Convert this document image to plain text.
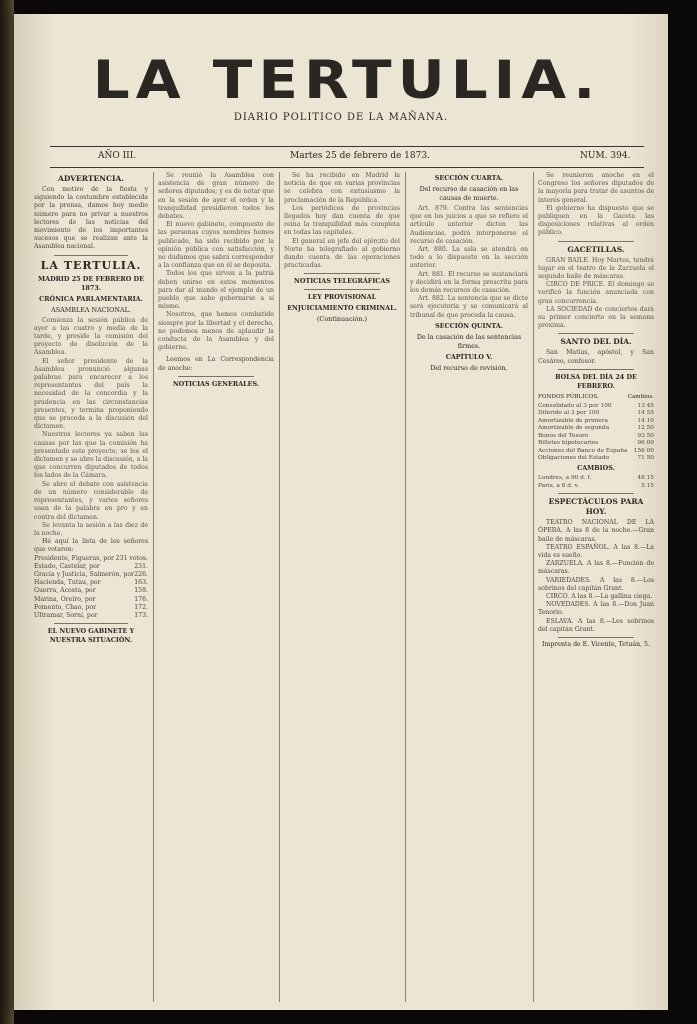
LA TERTULIA.
DIARIO POLITICO DE LA MAÑANA.
AÑO III.	Martes 25 de febrero de 1873.	NUM. 394.

ADVERTENCIA.

Con motivo de la fiesta y siguiendo la costumbre establecida por la prensa, damos hoy medio número para no privar a nuestros lectores de las noticias del movimiento de los importantes sucesos que se realizan ante la Asamblea nacional.

LA TERTULIA.

MADRID 25 DE FEBRERO DE 1873.

CRÓNICA PARLAMENTARIA.

ASAMBLEA NACIONAL.

Comienza la sesión pública de ayer a las cuatro y media de la tarde, y preside la comisión del proyecto de disolución de la Asamblea.

El señor presidente de la Asamblea pronunció algunas palabras para encarecer a los representantes del país la necesidad de la concordia y la prudencia en las circunstancias presentes, y termina proponiendo que se proceda a la discusión del dictamen.

Nuestros lectores ya saben las causas por las que la comisión ha presentado este proyecto; se lee el dictamen y se abre la discusión, a la que concurren diputados de todos los lados de la Cámara.

Se abre el debate con asistencia de un número considerable de representantes, y varios señores usan de la palabra en pro y en contra del dictamen.

Se levanta la sesión a las diez de la noche.

Hé aquí la lista de los señores que votaron:

Presidente, Figueras, por 231 votos.
Estado, Castelar, por	231.
Gracia y Justicia, Salmerón, por 226.
Hacienda, Tutau, por	163.
Guerra, Acosta, por	159.
Marina, Oreiro, por	176.
Fomento, Chao, por	172.
Ultramar, Sorní, por	173.

EL NUEVO GABINETE Y NUESTRA SITUACIÓN.

Se reunió la Asamblea con asistencia de gran número de señores diputados; y es de notar que en la sesión de ayer el orden y la tranquilidad presidieron todos los debates.

El nuevo gabinete, compuesto de las personas cuyos nombres hemos publicado, ha sido recibido por la opinión pública con satisfacción, y no dudamos que sabrá corresponder a la confianza que en él se deposita.

Todos los que sirven a la patria deben unirse en estos momentos para dar al mundo el ejemplo de un pueblo que sabe gobernarse a sí mismo.

Nosotros, que hemos combatido siempre por la libertad y el derecho, no podemos menos de aplaudir la conducta de la Asamblea y del gobierno.

Leemos en La Correspondencia de anoche:

NOTICIAS GENERALES.

Se ha recibido en Madrid la noticia de que en varias provincias se celebra con entusiasmo la proclamación de la República.

Los periódicos de provincias llegados hoy dan cuenta de que reina la tranquilidad más completa en todas las capitales.

El general en jefe del ejército del Norte ha telegrafiado al gobierno dando cuenta de las operaciones practicadas.

NOTICIAS TELEGRÁFICAS

LEY PROVISIONAL

ENJUICIAMIENTO CRIMINAL.

(Continuación.)

SECCIÓN CUARTA.

Del recurso de casación en las causas de muerte.

Art. 879. Contra las sentencias que en los juicios a que se refiere el artículo anterior dicten las Audiencias, podrá interponerse el recurso de casación.

Art. 880. La sala se atendrá en todo a lo dispuesto en la sección anterior.

Art. 881. El recurso se sustanciará y decidirá en la forma prescrita para los demás recursos de casación.

Art. 882. La sentencia que se dicte será ejecutoria y se comunicará al tribunal de que proceda la causa.

SECCIÓN QUINTA.

De la casación de las sentencias firmes.

CAPÍTULO V.

Del recurso de revisión.

Se reunieron anoche en el Congreso los señores diputados de la mayoría para tratar de asuntos de interés general.

El gobierno ha dispuesto que se publiquen en la Gaceta las disposiciones relativas al orden público.

GACETILLAS.

GRAN BAILE. Hoy Martes, tendrá lugar en el teatro de la Zarzuela el segundo baile de máscaras.

CIRCO DE PRICE. El domingo se verificó la función anunciada con gran concurrencia.

LA SOCIEDAD de conciertos dará su primer concierto en la semana próxima.

SANTO DEL DÍA.

San Matías, apóstol, y San Cesáreo, confesor.

BOLSA DEL DÍA 24 DE FEBRERO.

FONDOS PÚBLICOS.	Cambios.
Consolidado al 3 por 100	13 45
Diferido al 3 por 100	14 55
Amortizable de primera	14 10
Amortizable de segunda	12 50
Bonos del Tesoro	93 50
Billetes hipotecarios	96 00
Acciones del Banco de España	156 00
Obligaciones del Estado	71 50

CAMBIOS.

Londres, á 90 d. f.	48 15
París, á 8 d. v.	5 15

ESPECTÁCULOS PARA HOY.

TEATRO NACIONAL DE LA ÓPERA. A las 8 de la noche.—Gran baile de máscaras.

TEATRO ESPAÑOL. A las 8.—La vida es sueño.

ZARZUELA. A las 8.—Función de máscaras.

VARIEDADES. A las 8.—Los sobrinos del capitán Grant.

CIRCO. A las 8.—La gallina ciega.

NOVEDADES. A las 8.—Don Juan Tenorio.

ESLAVA. A las 8.—Los sobrinos del capitán Grant.

Imprenta de E. Vicente, Tetuán, 5.
